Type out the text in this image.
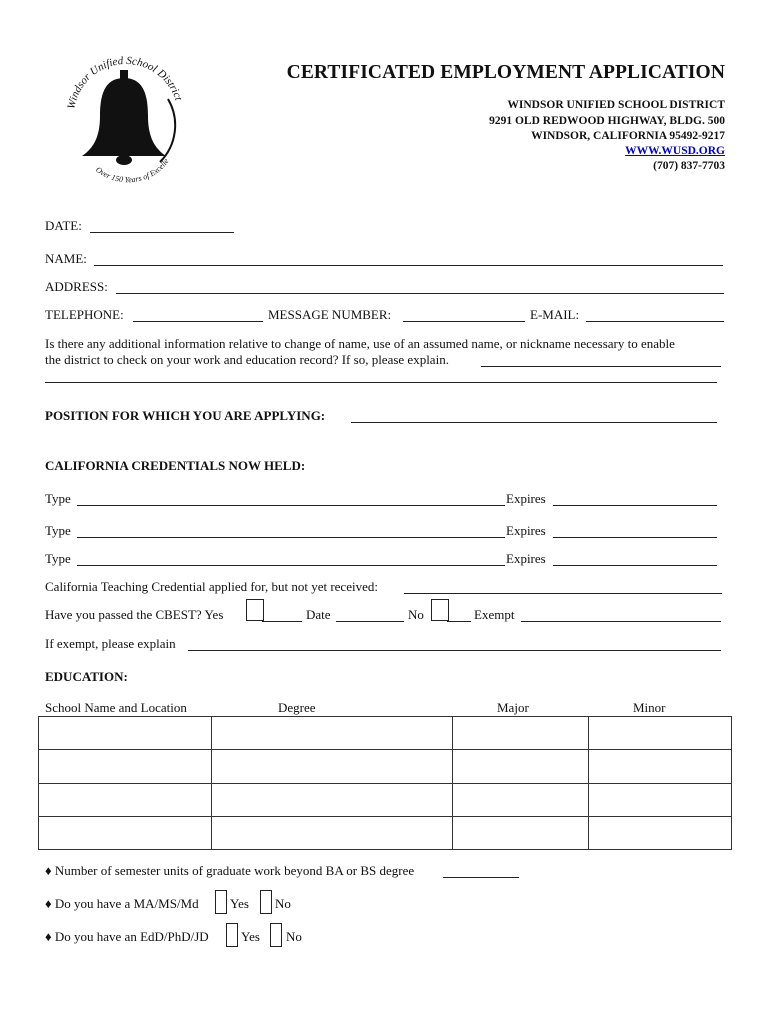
Windsor Unified School District
Over 150 Years of Excelle
CERTIFICATED EMPLOYMENT APPLICATION
WINDSOR UNIFIED SCHOOL DISTRICT
9291 OLD REDWOOD HIGHWAY, BLDG. 500
WINDSOR, CALIFORNIA 95492-9217
WWW.WUSD.ORG
(707) 837-7703
DATE:
NAME:
ADDRESS:
TELEPHONE:	MESSAGE NUMBER:	E-MAIL:
Is there any additional information relative to change of name, use of an assumed name, or nickname necessary to enable
the district to check on your work and education record? If so, please explain.
POSITION FOR WHICH YOU ARE APPLYING:
CALIFORNIA CREDENTIALS NOW HELD:
Type	Expires
Type	Expires
Type	Expires
California Teaching Credential applied for, but not yet received:
Have you passed the CBEST? Yes	Date	No	Exempt
If exempt, please explain
EDUCATION:
School Name and Location	Degree	Major	Minor

♦ Number of semester units of graduate work beyond BA or BS degree
♦ Do you have a MA/MS/Md Yes No
♦ Do you have an EdD/PhD/JD Yes No
